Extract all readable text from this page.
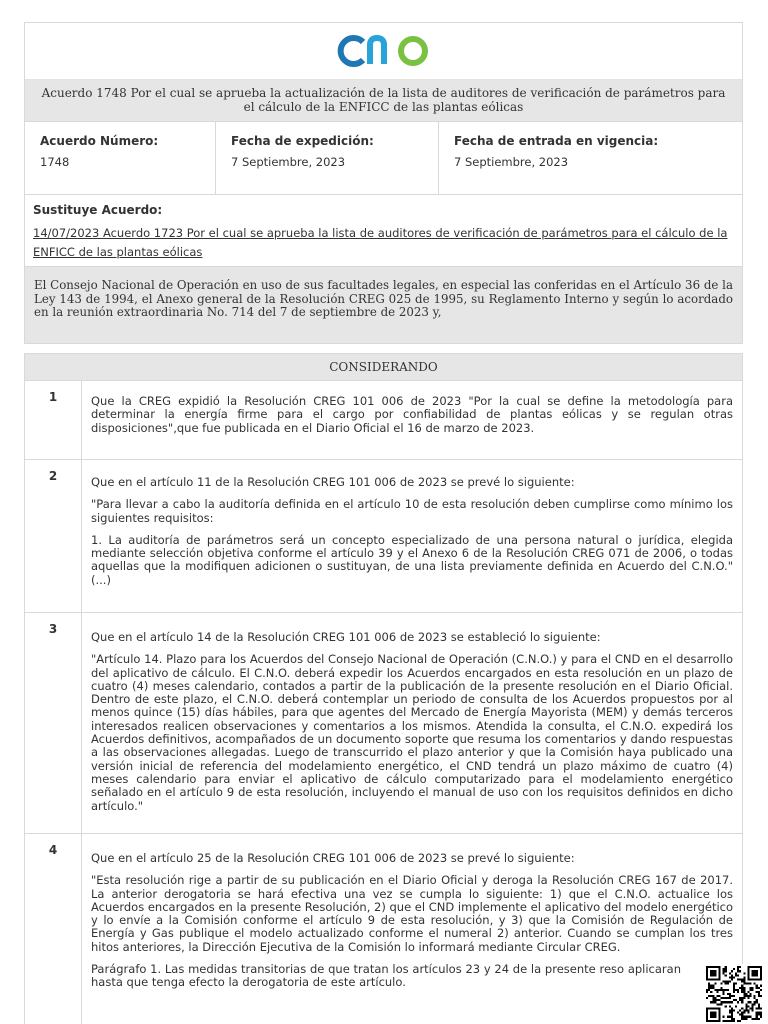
Acuerdo 1748 Por el cual se aprueba la actualización de la lista de auditores de verificación de parámetros para el cálculo de la ENFICC de las plantas eólicas
Acuerdo Número:
1748
Fecha de expedición:
7 Septiembre, 2023
Fecha de entrada en vigencia:
7 Septiembre, 2023
Sustituye Acuerdo:
14/07/2023 Acuerdo 1723 Por el cual se aprueba la lista de auditores de verificación de parámetros para el cálculo de la ENFICC de las plantas eólicas
El Consejo Nacional de Operación en uso de sus facultades legales, en especial las conferidas en el Artículo 36 de la Ley 143 de 1994, el Anexo general de la Resolución CREG 025 de 1995, su Reglamento Interno y según lo acordado en la reunión extraordinaria No. 714 del 7 de septiembre de 2023 y,
CONSIDERANDO
1	Que la CREG expidió la Resolución CREG 101 006 de 2023 "Por la cual se define la metodología para determinar la energía firme para el cargo por confiabilidad de plantas eólicas y se regulan otras disposiciones",que fue publicada en el Diario Oficial el 16 de marzo de 2023.

2	Que en el artículo 11 de la Resolución CREG 101 006 de 2023 se prevé lo siguiente:

"Para llevar a cabo la auditoría definida en el artículo 10 de esta resolución deben cumplirse como mínimo los siguientes requisitos:

1. La auditoría de parámetros será un concepto especializado de una persona natural o jurídica, elegida mediante selección objetiva conforme el artículo 39 y el Anexo 6 de la Resolución CREG 071 de 2006, o todas aquellas que la modifiquen adicionen o sustituyan, de una lista previamente definida en Acuerdo del C.N.O." (...)

3

Que en el artículo 14 de la Resolución CREG 101 006 de 2023 se estableció lo siguiente:

"Artículo 14. Plazo para los Acuerdos del Consejo Nacional de Operación (C.N.O.) y para el CND en el desarrollo del aplicativo de cálculo. El C.N.O. deberá expedir los Acuerdos encargados en esta resolución en un plazo de cuatro (4) meses calendario, contados a partir de la publicación de la presente resolución en el Diario Oficial. Dentro de este plazo, el C.N.O. deberá contemplar un periodo de consulta de los Acuerdos propuestos por al menos quince (15) días hábiles, para que agentes del Mercado de Energía Mayorista (MEM) y demás terceros interesados realicen observaciones y comentarios a los mismos. Atendida la consulta, el C.N.O. expedirá los Acuerdos definitivos, acompañados de un documento soporte que resuma los comentarios y dando respuestas a las observaciones allegadas. Luego de transcurrido el plazo anterior y que la Comisión haya publicado una versión inicial de referencia del modelamiento energético, el CND tendrá un plazo máximo de cuatro (4) meses calendario para enviar el aplicativo de cálculo computarizado para el modelamiento energético señalado en el artículo 9 de esta resolución, incluyendo el manual de uso con los requisitos definidos en dicho artículo."

4

Que en el artículo 25 de la Resolución CREG 101 006 de 2023 se prevé lo siguiente:

"Esta resolución rige a partir de su publicación en el Diario Oficial y deroga la Resolución CREG 167 de 2017. La anterior derogatoria se hará efectiva una vez se cumpla lo siguiente: 1) que el C.N.O. actualice los Acuerdos encargados en la presente Resolución, 2) que el CND implemente el aplicativo del modelo energético y lo envíe a la Comisión conforme el artículo 9 de esta resolución, y 3) que la Comisión de Regulación de Energía y Gas publique el modelo actualizado conforme el numeral 2) anterior. Cuando se cumplan los tres hitos anteriores, la Dirección Ejecutiva de la Comisión lo informará mediante Circular CREG.

Parágrafo 1. Las medidas transitorias de que tratan los artículos 23 y 24 de la presente reso aplicaran hasta que tenga efecto la derogatoria de este artículo.
